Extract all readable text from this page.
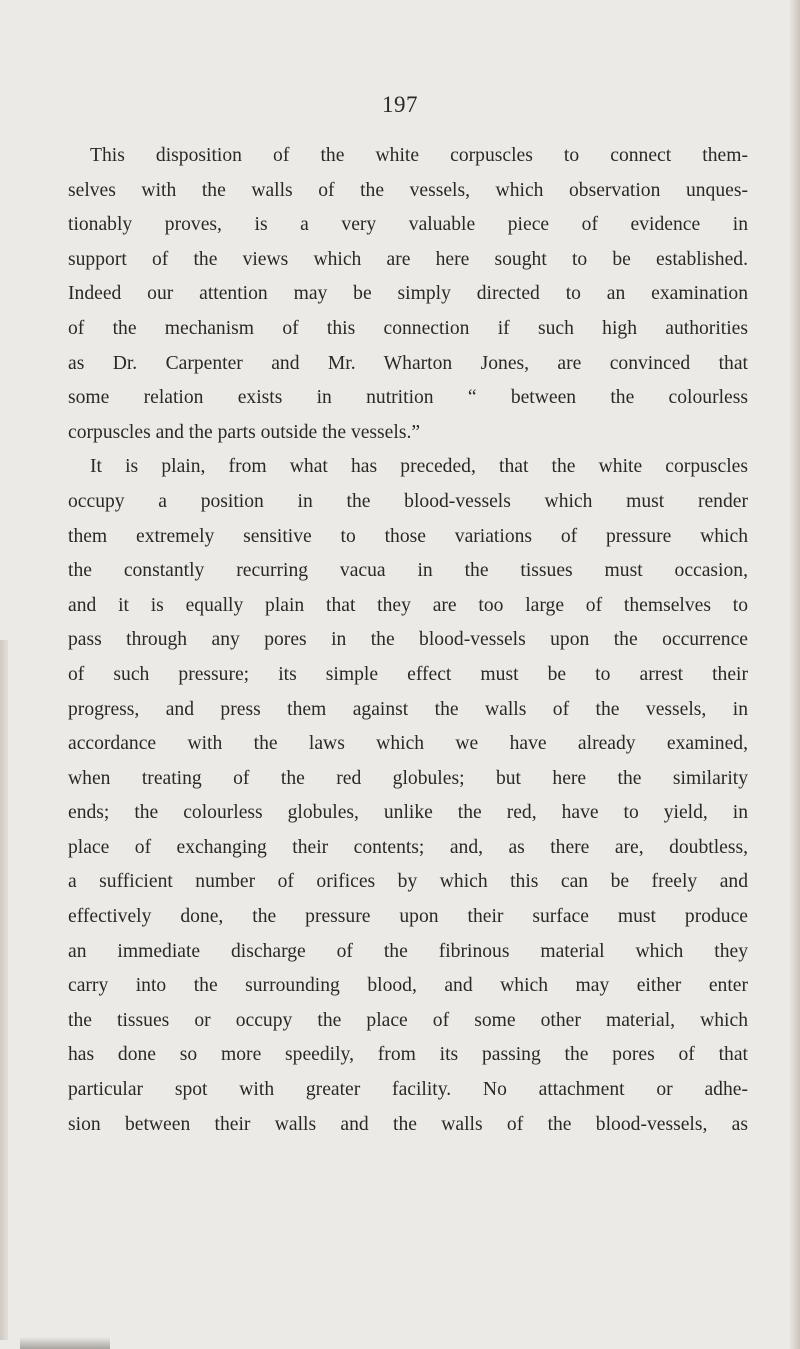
197
This disposition of the white corpuscles to connect them-
selves with the walls of the vessels, which observation unques-
tionably proves, is a very valuable piece of evidence in
support of the views which are here sought to be established.
Indeed our attention may be simply directed to an examination
of the mechanism of this connection if such high authorities
as Dr. Carpenter and Mr. Wharton Jones, are convinced that
some relation exists in nutrition “ between the colourless
corpuscles and the parts outside the vessels.”
It is plain, from what has preceded, that the white corpuscles
occupy a position in the blood-vessels which must render
them extremely sensitive to those variations of pressure which
the constantly recurring vacua in the tissues must occasion,
and it is equally plain that they are too large of themselves to
pass through any pores in the blood-vessels upon the occurrence
of such pressure; its simple effect must be to arrest their
progress, and press them against the walls of the vessels, in
accordance with the laws which we have already examined,
when treating of the red globules; but here the similarity
ends; the colourless globules, unlike the red, have to yield, in
place of exchanging their contents; and, as there are, doubtless,
a sufficient number of orifices by which this can be freely and
effectively done, the pressure upon their surface must produce
an immediate discharge of the fibrinous material which they
carry into the surrounding blood, and which may either enter
the tissues or occupy the place of some other material, which
has done so more speedily, from its passing the pores of that
particular spot with greater facility. No attachment or adhe-
sion between their walls and the walls of the blood-vessels, as
